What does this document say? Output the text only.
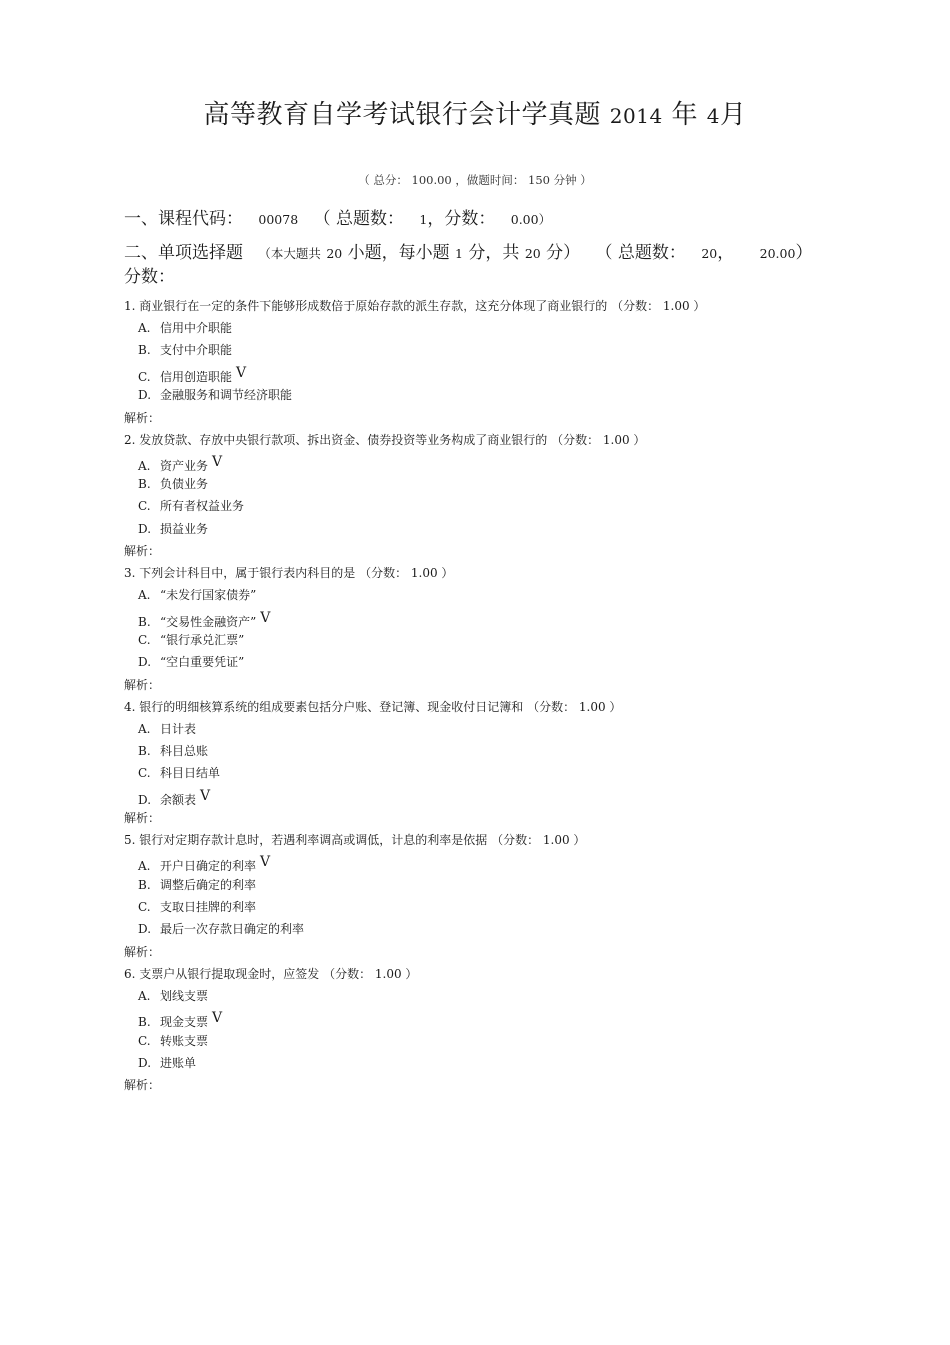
高等教育自学考试银行会计学真题 2014 年 4月
（ 总分： 100.00 ，做题时间： 150 分钟 ）
一、课程代码： 00078 （ 总题数： 1，分数： 0.00）
二、单项选择题 （本大题共 20 小题，每小题 1 分，共 20 分） （ 总题数： 20， 20.00）
分数：
1. 商业银行在一定的条件下能够形成数倍于原始存款的派生存款，这充分体现了商业银行的 （分数： 1.00 ）
A. 信用中介职能
B. 支付中介职能
C. 信用创造职能 V
D. 金融服务和调节经济职能
解析：
2. 发放贷款、存放中央银行款项、拆出资金、债券投资等业务构成了商业银行的 （分数： 1.00 ）
A. 资产业务 V
B. 负债业务
C. 所有者权益业务
D. 损益业务
解析：
3. 下列会计科目中，属于银行表内科目的是 （分数： 1.00 ）
A. “未发行国家债券”
B. “交易性金融资产” V
C. “银行承兑汇票”
D. “空白重要凭证”
解析：
4. 银行的明细核算系统的组成要素包括分户账、登记簿、现金收付日记簿和 （分数： 1.00 ）
A. 日计表
B. 科目总账
C. 科目日结单
D. 余额表 V
解析：
5. 银行对定期存款计息时，若遇利率调高或调低，计息的利率是依据 （分数： 1.00 ）
A. 开户日确定的利率 V
B. 调整后确定的利率
C. 支取日挂牌的利率
D. 最后一次存款日确定的利率
解析：
6. 支票户从银行提取现金时，应签发 （分数： 1.00 ）
A. 划线支票
B. 现金支票 V
C. 转账支票
D. 进账单
解析：
